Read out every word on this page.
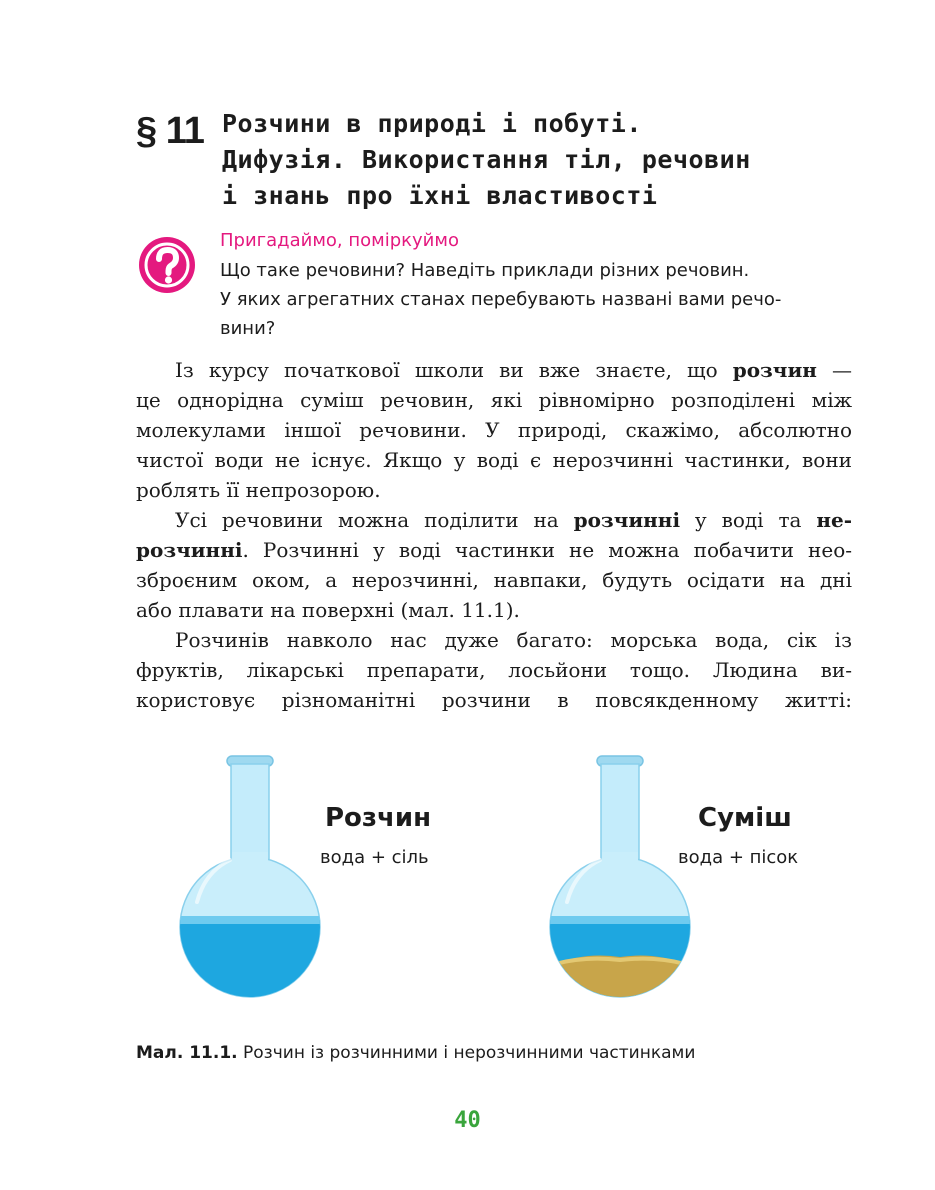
§ 11 Розчини в природі і побуті.
Дифузія. Використання тіл, речовин
і знань про їхні властивості
Пригадаймо, поміркуймо
Що таке речовини? Наведіть приклади різних речовин.
У яких агрегатних станах перебувають названі вами речо-
вини?
Із курсу початкової школи ви вже знаєте, що розчин —
це однорідна суміш речовин, які рівномірно розподілені між
молекулами іншої речовини. У природі, скажімо, абсолютно
чистої води не існує. Якщо у воді є нерозчинні частинки, вони
роблять її непрозорою.
Усі речовини можна поділити на розчинні у воді та не-
розчинні. Розчинні у воді частинки не можна побачити нео-
зброєним оком, а нерозчинні, навпаки, будуть осідати на дні
або плавати на поверхні (мал. 11.1).
Розчинів навколо нас дуже багато: морська вода, сік із
фруктів, лікарські препарати, лосьйони тощо. Людина ви-
користовує різноманітні розчини в повсякденному житті:
Розчин
вода + сіль
Суміш
вода + пісок
Мал. 11.1. Розчин із розчинними і нерозчинними частинками
40
